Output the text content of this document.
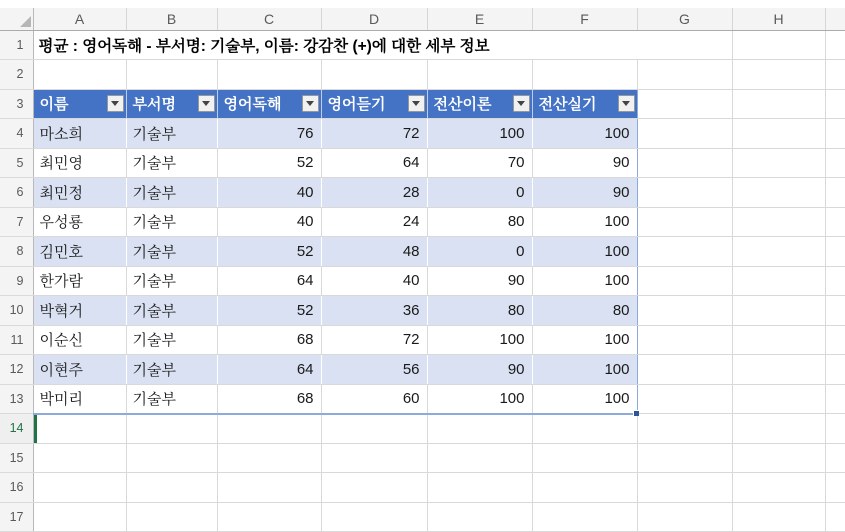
	A	B	C	D	E	F	G	H	
1	평균 : 영어독해 - 부서명: 기술부, 이름: 강감찬 (+)에 대한 세부 정보								
2									
3	이름	부서명	영어독해	영어듣기	전산이론	전산실기			

4	마소희	기술부	76	72	100	100			
5	최민영	기술부	52	64	70	90			
6	최민정	기술부	40	28	0	90			
7	우성룡	기술부	40	24	80	100			
8	김민호	기술부	52	48	0	100			
9	한가람	기술부	64	40	90	100			
10	박혁거	기술부	52	36	80	80			
11	이순신	기술부	68	72	100	100			
12	이현주	기술부	64	56	90	100			
13	박미리	기술부	68	60	100	100

14									
15									
16									
17									
